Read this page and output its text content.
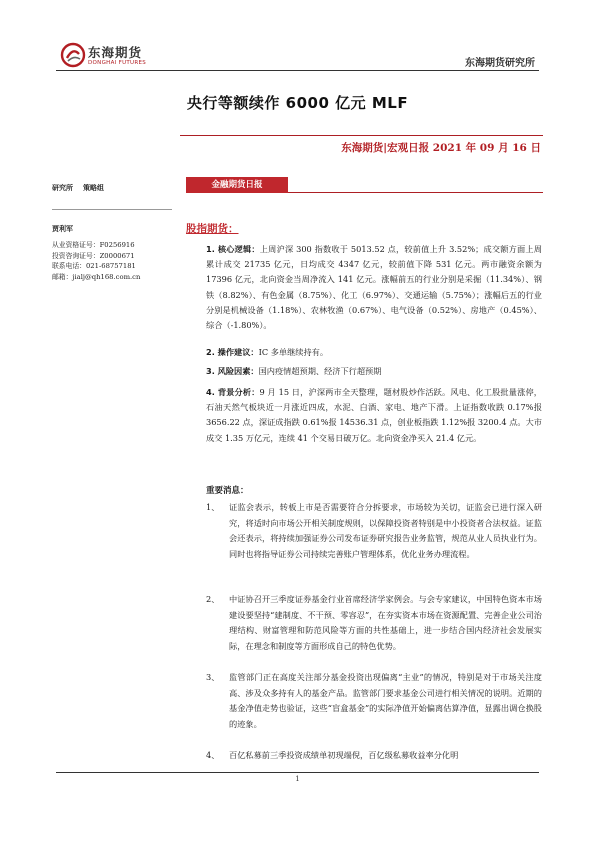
东海期货
DONGHAI FUTURES	东海期货研究所
央行等额续作 6000 亿元 MLF
东海期货|宏观日报 2021 年 09 月 16 日
研究所 策略组
贾利军
从业资格证号：F0256916
投资咨询证号：Z0000671
联系电话：021-68757181
邮箱：jialj@qh168.com.cn
金融期货日报
股指期货：
1. 核心逻辑：上周沪深 300 指数收于 5013.52 点，较前值上升 3.52%；成交额方面上周累计成交 21735 亿元，日均成交 4347 亿元，较前值下降 531 亿元。两市融资余额为 17396 亿元，北向资金当周净流入 141 亿元。涨幅前五的行业分别是采掘（11.34%）、钢铁（8.82%）、有色金属（8.75%）、化工（6.97%）、交通运输（5.75%）；涨幅后五的行业分别是机械设备（1.18%）、农林牧渔（0.67%）、电气设备（0.52%）、房地产（0.45%）、综合（-1.80%）。
2. 操作建议：IC 多单继续持有。
3. 风险因素：国内疫情超预期、经济下行超预期
4. 背景分析：9 月 15 日，沪深两市全天整理，题材股炒作活跃。风电、化工股批量涨停，石油天然气板块近一月涨近四成，水泥、白酒、家电、地产下滑。上证指数收跌 0.17%报 3656.22 点，深证成指跌 0.61%报 14536.31 点，创业板指跌 1.12%报 3200.4 点。大市成交 1.35 万亿元，连续 41 个交易日破万亿。北向资金净买入 21.4 亿元。
重要消息：
1、	证监会表示，转板上市是否需要符合分拆要求，市场较为关切，证监会已进行深入研究，将适时向市场公开相关制度规则，以保障投资者特别是中小投资者合法权益。证监会还表示，将持续加强证券公司发布证券研究报告业务监管，规范从业人员执业行为。同时也将指导证券公司持续完善账户管理体系，优化业务办理流程。
2、	中证协召开三季度证券基金行业首席经济学家例会。与会专家建议，中国特色资本市场建设要坚持“建制度、不干预、零容忍”，在夯实资本市场在资源配置、完善企业公司治理结构、财富管理和防范风险等方面的共性基础上，进一步结合国内经济社会发展实际，在理念和制度等方面形成自己的特色优势。
3、	监管部门正在高度关注部分基金投资出现偏离“主业”的情况，特别是对于市场关注度高、涉及众多持有人的基金产品。监管部门要求基金公司进行相关情况的说明。近期的基金净值走势也验证，这些“盲盒基金”的实际净值开始偏离估算净值，显露出调仓换股的迹象。
4、	百亿私募前三季投资成绩单初现端倪，百亿级私募收益率分化明
1
